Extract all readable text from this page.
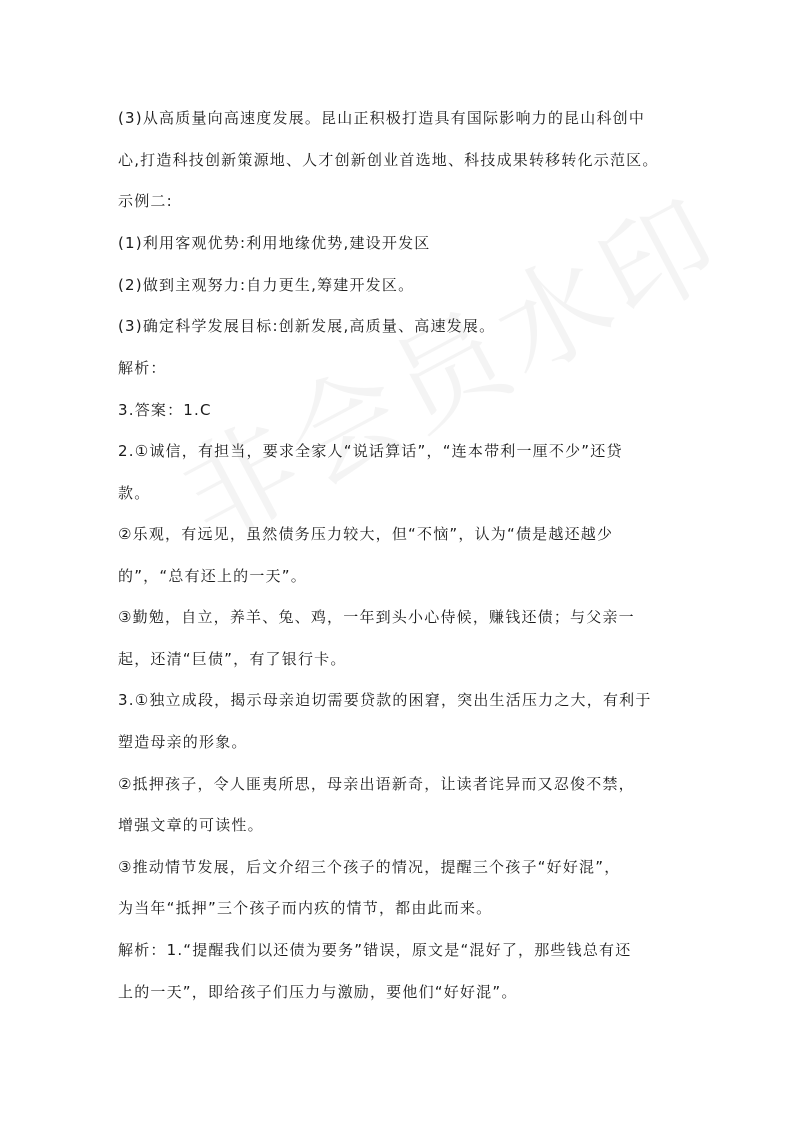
(3)从高质量向高速度发展。昆山正积极打造具有国际影响力的昆山科创中
心,打造科技创新策源地、人才创新创业首选地、科技成果转移转化示范区。
示例二:
(1)利用客观优势:利用地缘优势,建设开发区
(2)做到主观努力:自力更生,筹建开发区。
(3)确定科学发展目标:创新发展,高质量、高速发展。
解析：
3.答案：1.C
2.①诚信，有担当，要求全家人“说话算话”，“连本带利一厘不少”还贷
款。
②乐观，有远见，虽然债务压力较大，但“不恼”，认为“债是越还越少
的”，“总有还上的一天”。
③勤勉，自立，养羊、兔、鸡，一年到头小心侍候，赚钱还债；与父亲一
起，还清“巨债”，有了银行卡。
3.①独立成段，揭示母亲迫切需要贷款的困窘，突出生活压力之大，有利于
塑造母亲的形象。
②抵押孩子，令人匪夷所思，母亲出语新奇，让读者诧异而又忍俊不禁，
增强文章的可读性。
③推动情节发展，后文介绍三个孩子的情况，提醒三个孩子“好好混”，
为当年“抵押”三个孩子而内疚的情节，都由此而来。
解析：1.“提醒我们以还债为要务”错误，原文是“混好了，那些钱总有还
上的一天”，即给孩子们压力与激励，要他们“好好混”。
